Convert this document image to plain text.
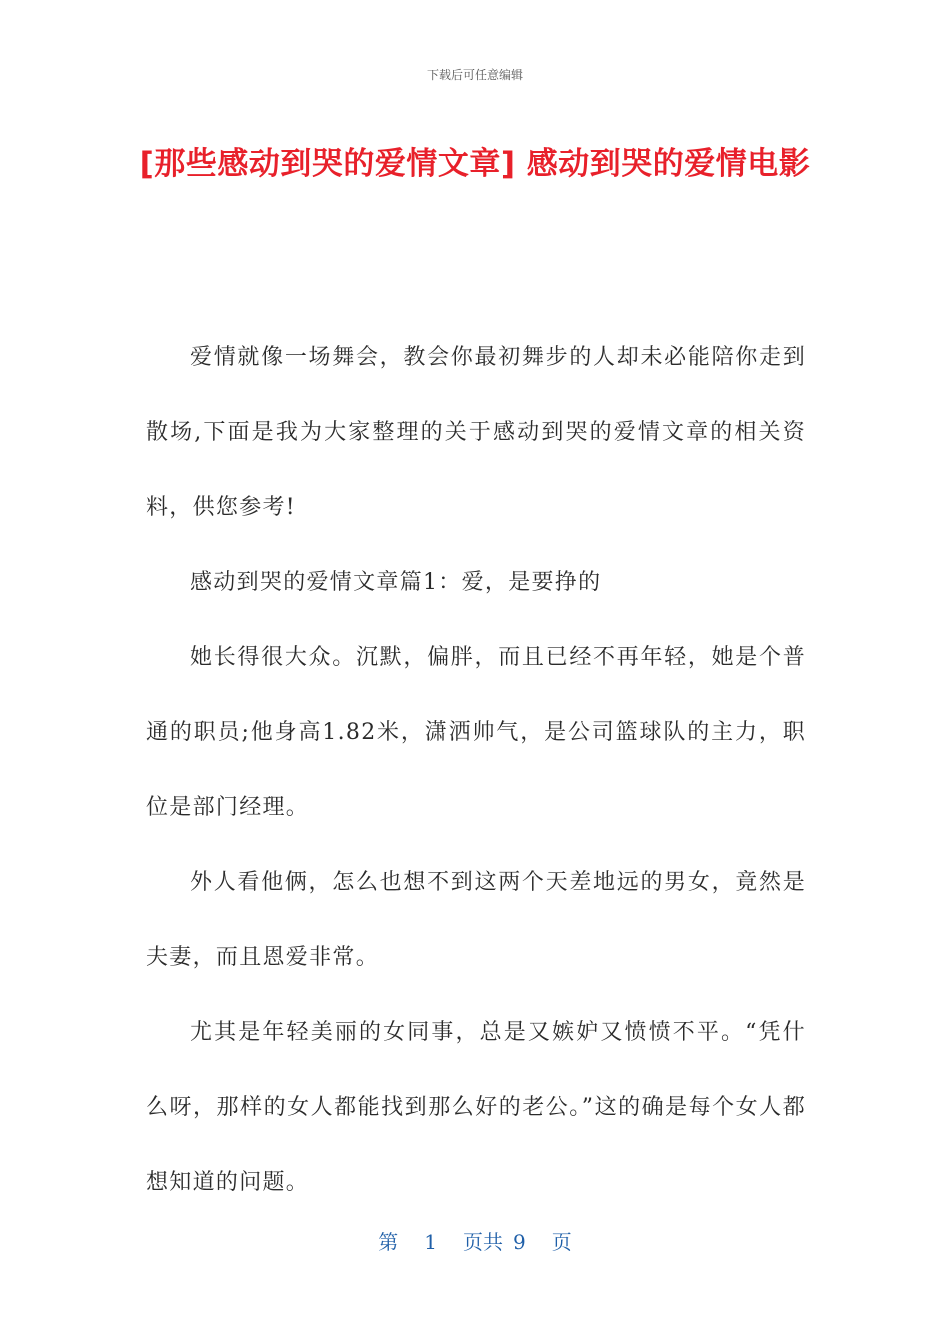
下载后可任意编辑
[那些感动到哭的爱情文章] 感动到哭的爱情电影

爱情就像一场舞会，教会你最初舞步的人却未必能陪你走到散场,下面是我为大家整理的关于感动到哭的爱情文章的相关资料，供您参考!

感动到哭的爱情文章篇1：爱，是要挣的

她长得很大众。沉默，偏胖，而且已经不再年轻，她是个普通的职员;他身高1.82米，潇洒帅气，是公司篮球队的主力，职位是部门经理。

外人看他俩，怎么也想不到这两个天差地远的男女，竟然是夫妻，而且恩爱非常。

尤其是年轻美丽的女同事，总是又嫉妒又愤愤不平。“凭什么呀，那样的女人都能找到那么好的老公。”这的确是每个女人都想知道的问题。

第 1 页共 9 页
